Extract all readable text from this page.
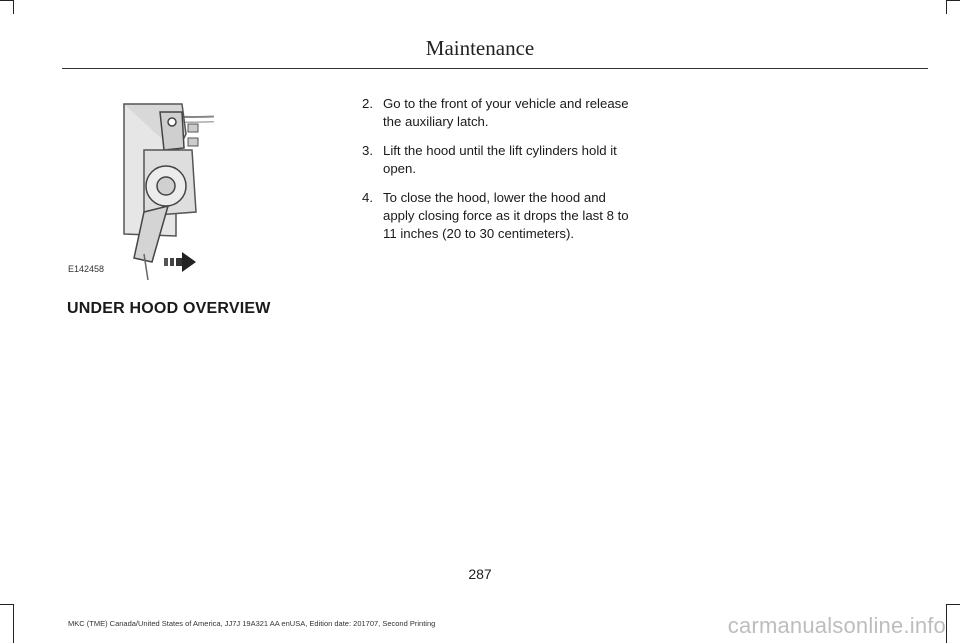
Maintenance
E142458
UNDER HOOD OVERVIEW
2. Go to the front of your vehicle and release the auxiliary latch.
3. Lift the hood until the lift cylinders hold it open.
4. To close the hood, lower the hood and apply closing force as it drops the last 8 to 11 inches (20 to 30 centimeters).
287
MKC (TME) Canada/United States of America, JJ7J 19A321 AA enUSA, Edition date: 201707, Second Printing	carmanualsonline.info
